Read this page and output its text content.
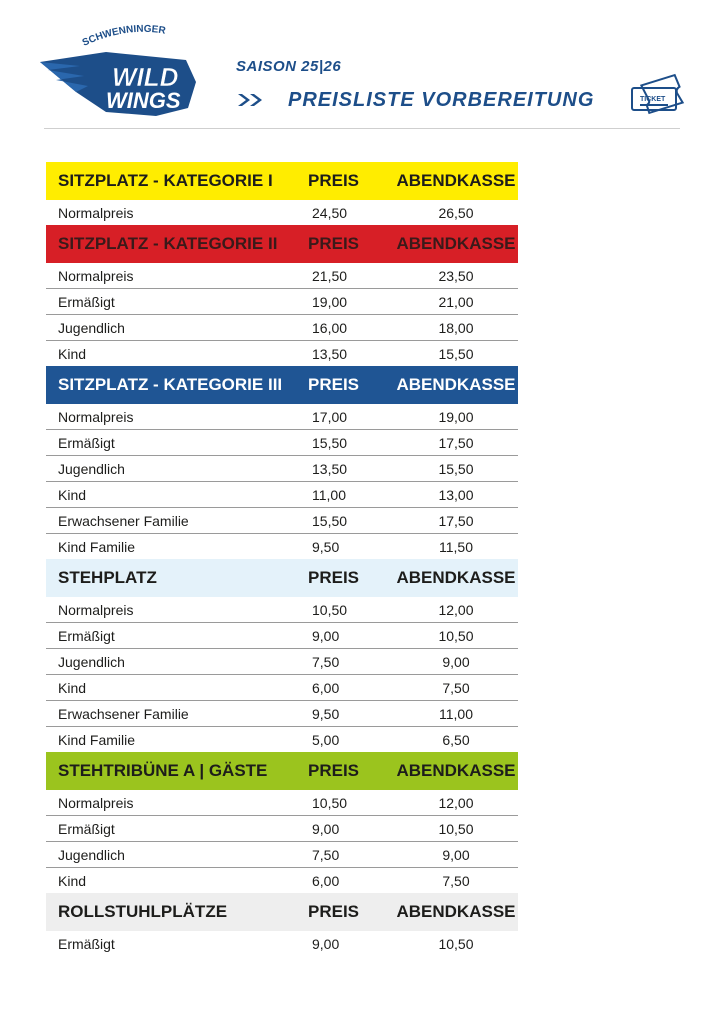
SCHWENNINGER
WILD
WINGS
SAISON 25|26
PREISLISTE VORBEREITUNG	TICKET
SITZPLATZ - KATEGORIE I	PREIS	ABENDKASSE
Normalpreis	24,50	26,50
SITZPLATZ - KATEGORIE II	PREIS	ABENDKASSE
Normalpreis	21,50	23,50
Ermäßigt	19,00	21,00
Jugendlich	16,00	18,00
Kind	13,50	15,50
SITZPLATZ - KATEGORIE III	PREIS	ABENDKASSE
Normalpreis	17,00	19,00
Ermäßigt	15,50	17,50
Jugendlich	13,50	15,50
Kind	11,00	13,00
Erwachsener Familie	15,50	17,50
Kind Familie	9,50	11,50
STEHPLATZ	PREIS	ABENDKASSE
Normalpreis	10,50	12,00
Ermäßigt	9,00	10,50
Jugendlich	7,50	9,00
Kind	6,00	7,50
Erwachsener Familie	9,50	11,00
Kind Familie	5,00	6,50
STEHTRIBÜNE A | GÄSTE	PREIS	ABENDKASSE
Normalpreis	10,50	12,00
Ermäßigt	9,00	10,50
Jugendlich	7,50	9,00
Kind	6,00	7,50
ROLLSTUHLPLÄTZE	PREIS	ABENDKASSE
Ermäßigt	9,00	10,50
